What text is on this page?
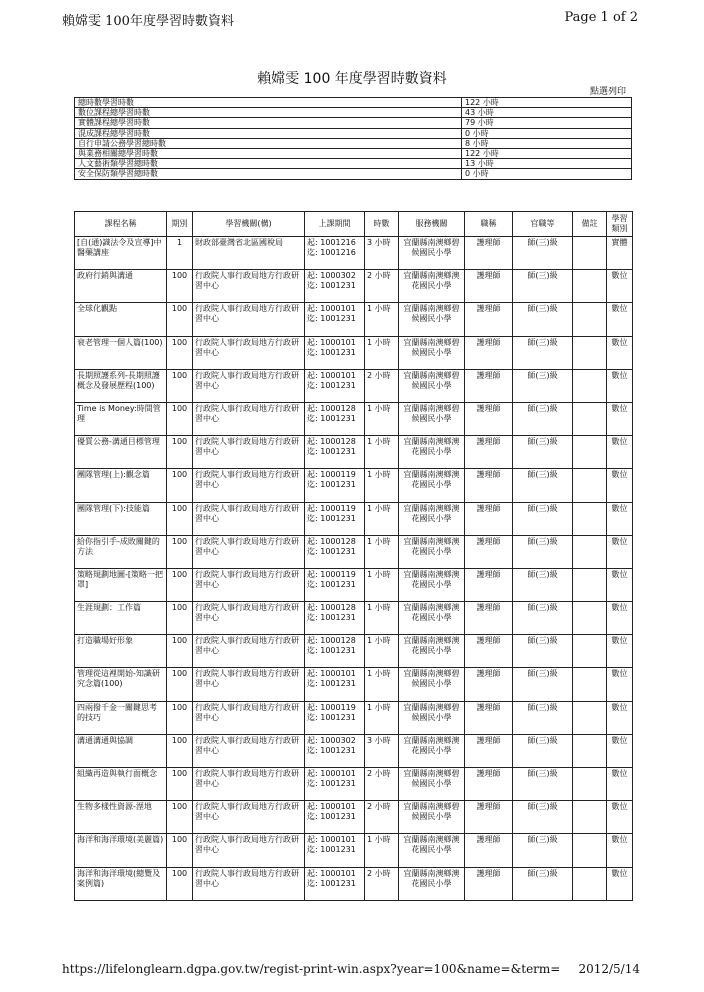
賴嫦雯 100年度學習時數資料	Page 1 of 2
賴嫦雯 100 年度學習時數資料
點選列印
總時數學習時數	122 小時
數位課程總學習時數	43 小時
實體課程總學習時數	79 小時
混成課程總學習時數	0 小時
自行申請公務學習總時數	8 小時
與業務相關總學習時數	122 小時
人文藝術類學習總時數	13 小時
安全保防類學習總時數	0 小時
課程名稱	期別	學習機關(構)	上課期間	時數	服務機關	職稱	官職等	備註	學習類別
[自(通)識法令及宣導]中醫藥講座	1	財政部臺灣省北區國稅局	起: 1001216 迄: 1001216	3 小時	宜蘭縣南澳鄉碧候國民小學	護理師	師(三)級		實體
政府行銷與溝通	100	行政院人事行政局地方行政研習中心	起: 1000302 迄: 1001231	2 小時	宜蘭縣南澳鄉澳花國民小學	護理師	師(三)級		數位
全球化觀點	100	行政院人事行政局地方行政研習中心	起: 1000101 迄: 1001231	1 小時	宜蘭縣南澳鄉碧候國民小學	護理師	師(三)級		數位
衰老管理一個人篇(100)	100	行政院人事行政局地方行政研習中心	起: 1000101 迄: 1001231	1 小時	宜蘭縣南澳鄉碧候國民小學	護理師	師(三)級		數位
長期照護系列-長期照護概念及發展歷程(100)	100	行政院人事行政局地方行政研習中心	起: 1000101 迄: 1001231	2 小時	宜蘭縣南澳鄉碧候國民小學	護理師	師(三)級		數位
Time is Money:時間管理	100	行政院人事行政局地方行政研習中心	起: 1000128 迄: 1001231	1 小時	宜蘭縣南澳鄉碧候國民小學	護理師	師(三)級		數位
優質公務-溝通目標管理	100	行政院人事行政局地方行政研習中心	起: 1000128 迄: 1001231	1 小時	宜蘭縣南澳鄉澳花國民小學	護理師	師(三)級		數位
團隊管理(上):觀念篇	100	行政院人事行政局地方行政研習中心	起: 1000119 迄: 1001231	1 小時	宜蘭縣南澳鄉澳花國民小學	護理師	師(三)級		數位
團隊管理(下):技能篇	100	行政院人事行政局地方行政研習中心	起: 1000119 迄: 1001231	1 小時	宜蘭縣南澳鄉澳花國民小學	護理師	師(三)級		數位
給你指引手-成敗關鍵的方法	100	行政院人事行政局地方行政研習中心	起: 1000128 迄: 1001231	1 小時	宜蘭縣南澳鄉澳花國民小學	護理師	師(三)級		數位
策略規劃地圖-[策略一把罩]	100	行政院人事行政局地方行政研習中心	起: 1000119 迄: 1001231	1 小時	宜蘭縣南澳鄉澳花國民小學	護理師	師(三)級		數位
生涯規劃：工作篇	100	行政院人事行政局地方行政研習中心	起: 1000128 迄: 1001231	1 小時	宜蘭縣南澳鄉澳花國民小學	護理師	師(三)級		數位
打造職場好形象	100	行政院人事行政局地方行政研習中心	起: 1000128 迄: 1001231	1 小時	宜蘭縣南澳鄉澳花國民小學	護理師	師(三)級		數位
管理從這裡開始-知識研究念篇(100)	100	行政院人事行政局地方行政研習中心	起: 1000101 迄: 1001231	1 小時	宜蘭縣南澳鄉碧候國民小學	護理師	師(三)級		數位
四兩撥千金一關鍵思考的技巧	100	行政院人事行政局地方行政研習中心	起: 1000119 迄: 1001231	1 小時	宜蘭縣南澳鄉碧候國民小學	護理師	師(三)級		數位
溝通溝通與協調	100	行政院人事行政局地方行政研習中心	起: 1000302 迄: 1001231	3 小時	宜蘭縣南澳鄉澳花國民小學	護理師	師(三)級		數位
組織再造與執行面概念	100	行政院人事行政局地方行政研習中心	起: 1000101 迄: 1001231	2 小時	宜蘭縣南澳鄉碧候國民小學	護理師	師(三)級		數位
生物多樣性資源-溼地	100	行政院人事行政局地方行政研習中心	起: 1000101 迄: 1001231	2 小時	宜蘭縣南澳鄉碧候國民小學	護理師	師(三)級		數位
海洋和海洋環境(美麗篇)	100	行政院人事行政局地方行政研習中心	起: 1000101 迄: 1001231	1 小時	宜蘭縣南澳鄉澳花國民小學	護理師	師(三)級		數位
海洋和海洋環境(總覽及案例篇)	100	行政院人事行政局地方行政研習中心	起: 1000101 迄: 1001231	2 小時	宜蘭縣南澳鄉澳花國民小學	護理師	師(三)級		數位
https://lifelonglearn.dgpa.gov.tw/regist-print-win.aspx?year=100&name=&term= 2012/5/14
